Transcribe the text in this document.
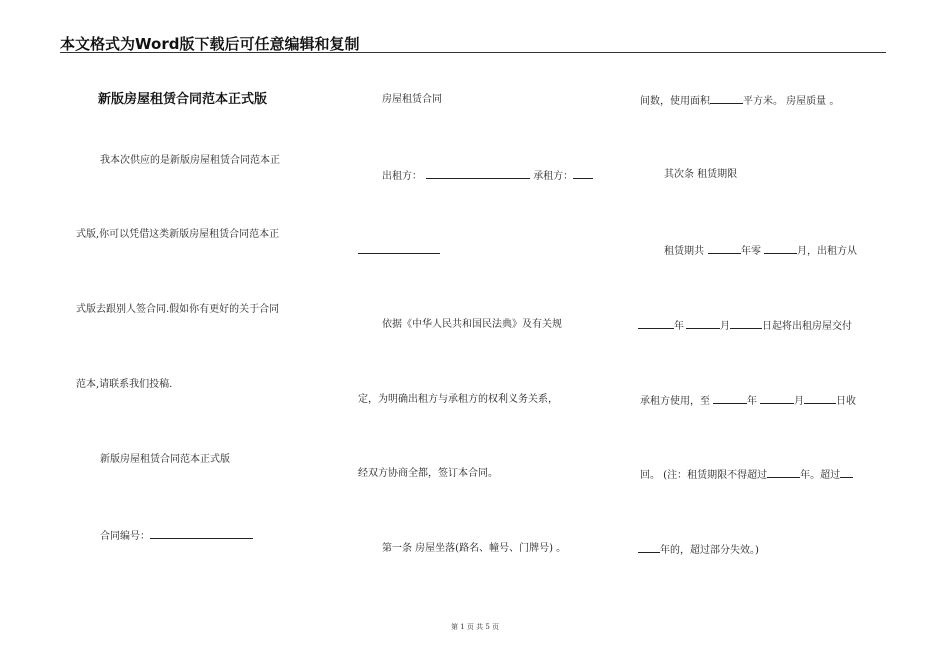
本文格式为Word版下载后可任意编辑和复制
新版房屋租赁合同范本正式版
我本次供应的是新版房屋租赁合同范本正
式版,你可以凭借这类新版房屋租赁合同范本正
式版去跟别人签合同.假如你有更好的关于合同
范本,请联系我们投稿.
新版房屋租赁合同范本正式版
合同编号：
房屋租赁合同
出租方：	承租方：
依据《中华人民共和国民法典》及有关规
定，为明确出租方与承租方的权利义务关系，
经双方协商全都，签订本合同。
第一条 房屋坐落(路名、幢号、门牌号) 。
间数，使用面积	平方米。 房屋质量 。
其次条 租赁期限
租赁期共	年零	月，出租方从
年	月	日起将出租房屋交付
承租方使用，至	年	月	日收
回。 (注：租赁期限不得超过	年。超过
年的，超过部分失效。)
第 1 页 共 5 页
